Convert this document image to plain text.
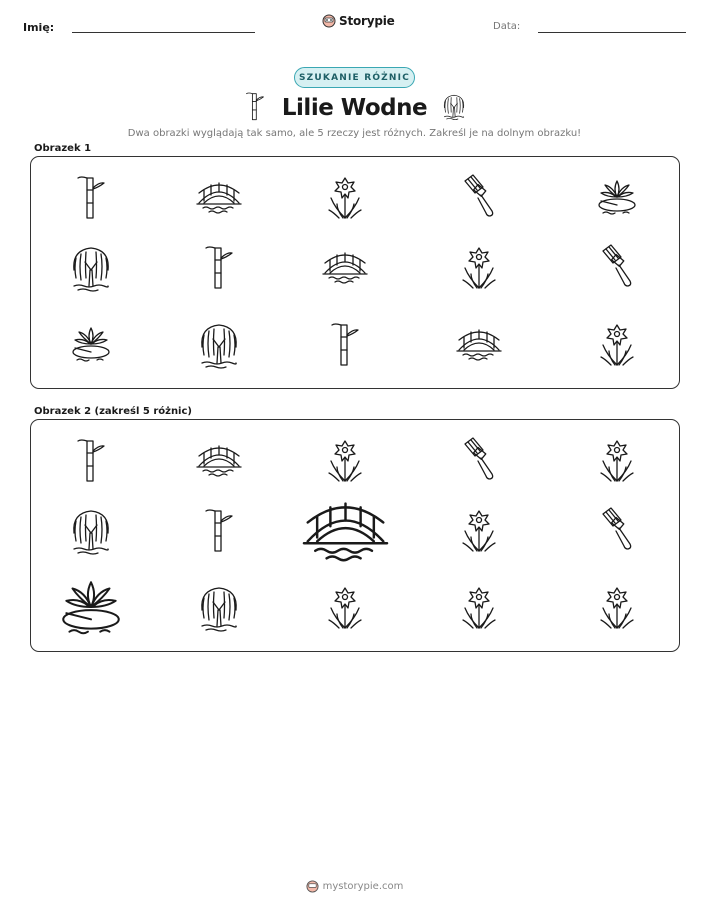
Imię:	Storypie	Data:
SZUKANIE RÓŻNIC
Lilie Wodne
Dwa obrazki wyglądają tak samo, ale 5 rzeczy jest różnych. Zakreśl je na dolnym obrazku!
Obrazek 1
Obrazek 2 (zakreśl 5 różnic)
mystorypie.com
